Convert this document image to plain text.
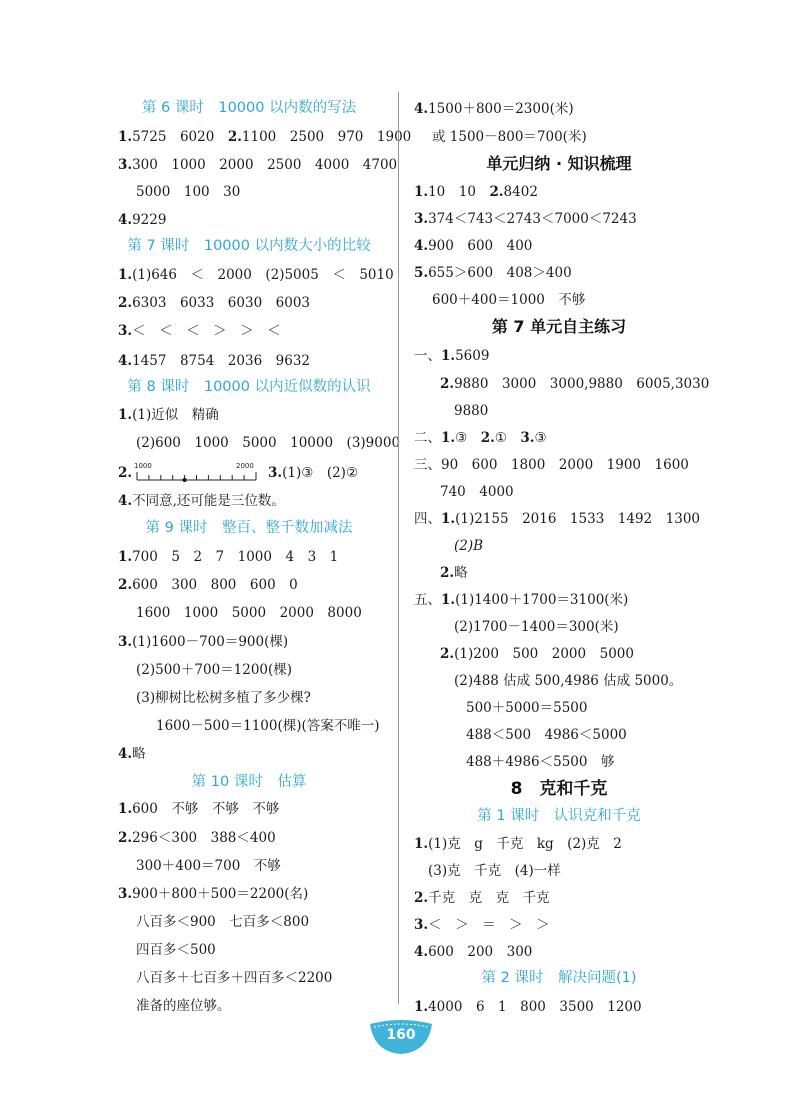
第 6 课时　10000 以内数的写法
1.5725　6020　2.1100　2500　970　1900
3.300　1000　2000　2500　4000　4700
5000　100　30
4.9229
第 7 课时　10000 以内数大小的比较
1.(1)646　＜　2000　(2)5005　＜　5010
2.6303　6033　6030　6003
3.＜　＜　＜　＞　＞　＜
4.1457　8754　2036　9632
第 8 课时　10000 以内近似数的认识
1.(1)近似　精确
(2)600　1000　5000　10000　(3)9000
2. 1000	2000 3.(1)③　(2)②
4.不同意,还可能是三位数。
第 9 课时　整百、整千数加减法
1.700　5　2　7　1000　4　3　1
2.600　300　800　600　0
1600　1000　5000　2000　8000
3.(1)1600－700＝900(棵)
(2)500＋700＝1200(棵)
(3)柳树比松树多植了多少棵?
1600－500＝1100(棵)(答案不唯一)
4.略
第 10 课时　估算
1.600　不够　不够　不够
2.296＜300　388＜400
300＋400＝700　不够
3.900＋800＋500＝2200(名)
八百多＜900　七百多＜800
四百多＜500
八百多＋七百多＋四百多＜2200
准备的座位够。
4.1500＋800＝2300(米)
或 1500－800＝700(米)
单元归纳 · 知识梳理
1.10　10　2.8402
3.374＜743＜2743＜7000＜7243
4.900　600　400
5.655＞600　408＞400
600＋400＝1000　不够
第 7 单元自主练习
一、1.5609
2.9880　3000　3000,9880　6005,3030
9880
二、1.③　2.①　3.③
三、90　600　1800　2000　1900　1600
740　4000
四、1.(1)2155　2016　1533　1492　1300
(2)B
2.略
五、1.(1)1400＋1700＝3100(米)
(2)1700－1400＝300(米)
2.(1)200　500　2000　5000
(2)488 估成 500,4986 估成 5000。
500＋5000＝5500
488＜500　4986＜5000
488＋4986＜5500　够
8　克和千克
第 1 课时　认识克和千克
1.(1)克　g　千克　kg　(2)克　2
(3)克　千克　(4)一样
2.千克　克　克　千克
3.＜　＞　＝　＞　＞
4.600　200　300
第 2 课时　解决问题(1)
1.4000　6　1　800　3500　1200
160
